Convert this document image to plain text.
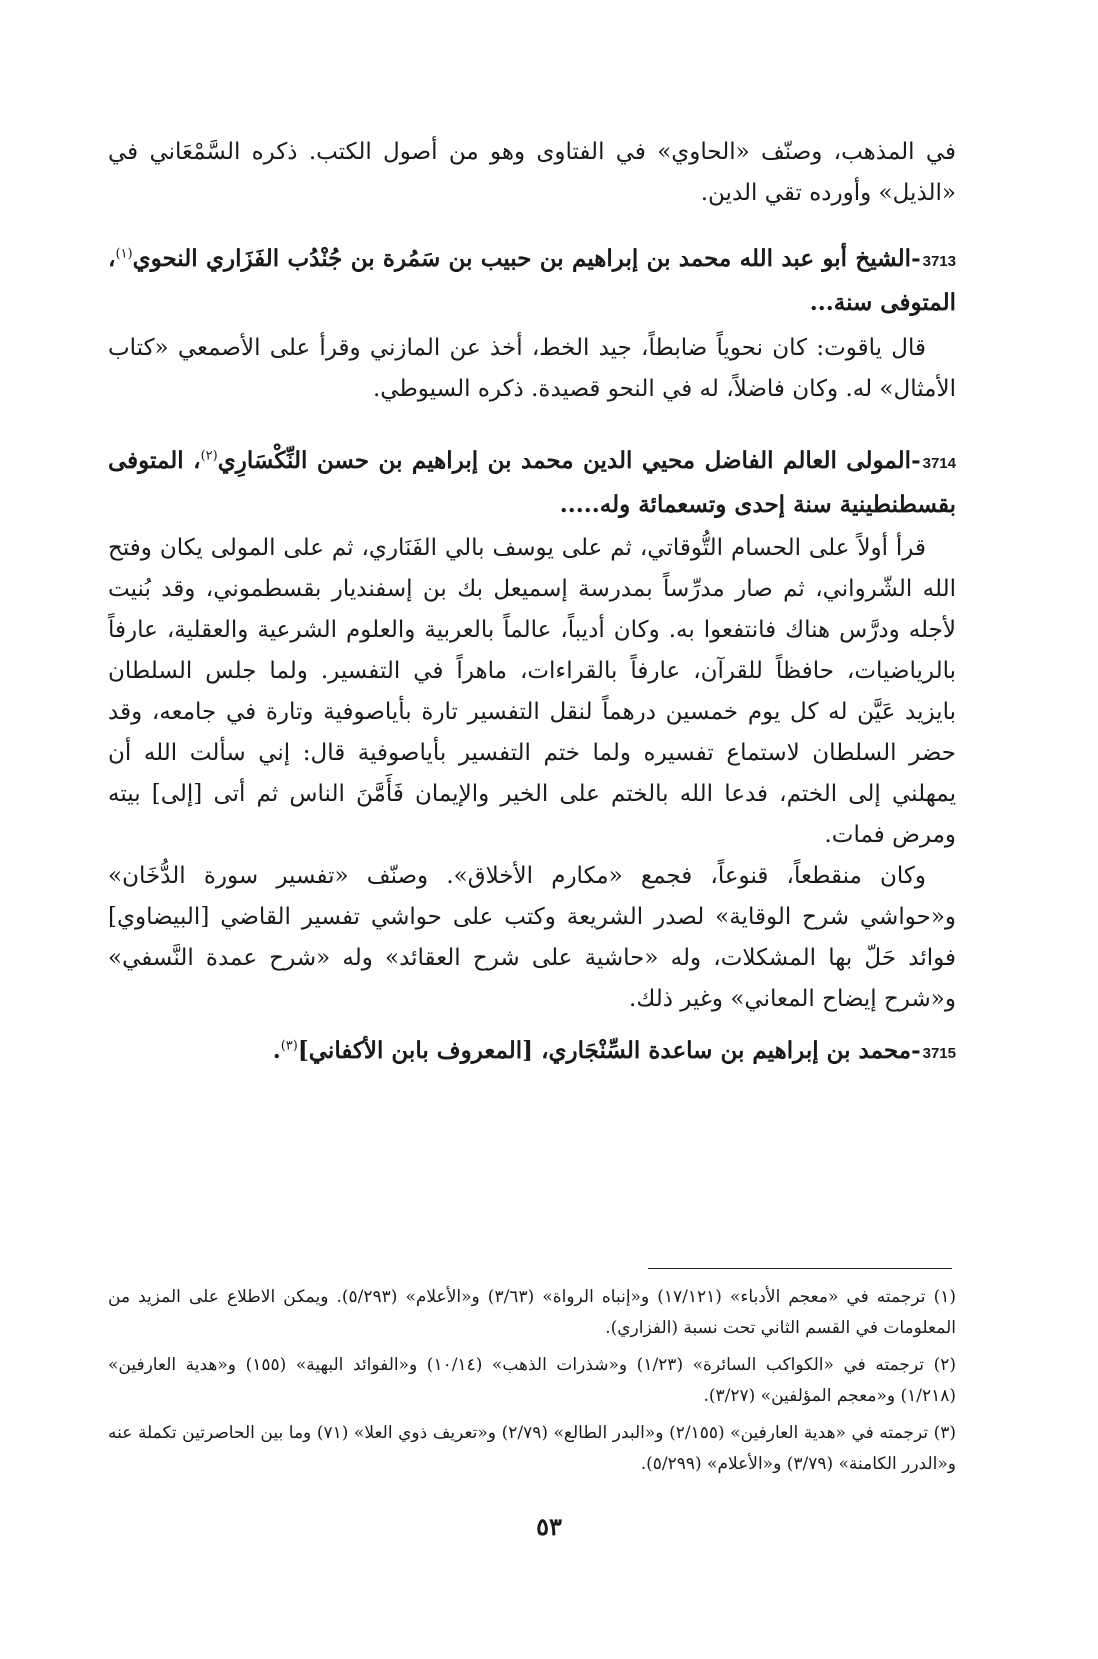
في المذهب، وصنّف «الحاوي» في الفتاوى وهو من أصول الكتب. ذكره السَّمْعَاني في «الذيل» وأورده تقي الدين.

3713-الشيخ أبو عبد الله محمد بن إبراهيم بن حبيب بن سَمُرة بن جُنْدُب الفَزَاري النحوي$^{(١)}$، المتوفى سنة...

قال ياقوت: كان نحوياً ضابطاً، جيد الخط، أخذ عن المازني وقرأ على الأصمعي «كتاب الأمثال» له. وكان فاضلاً، له في النحو قصيدة. ذكره السيوطي.

3714-المولى العالم الفاضل محيي الدين محمد بن إبراهيم بن حسن النِّكْسَارِي$^{(٢)}$، المتوفى بقسطنطينية سنة إحدى وتسعمائة وله.....

قرأ أولاً على الحسام التُّوقاتي، ثم على يوسف بالي الفَنَاري، ثم على المولى يكان وفتح الله الشّرواني، ثم صار مدرِّساً بمدرسة إسميعل بك بن إسفنديار بقسطموني، وقد بُنيت لأجله ودرَّس هناك فانتفعوا به. وكان أديباً، عالماً بالعربية والعلوم الشرعية والعقلية، عارفاً بالرياضيات، حافظاً للقرآن، عارفاً بالقراءات، ماهراً في التفسير. ولما جلس السلطان بايزيد عَيَّن له كل يوم خمسين درهماً لنقل التفسير تارة بأياصوفية وتارة في جامعه، وقد حضر السلطان لاستماع تفسيره ولما ختم التفسير بأياصوفية قال: إني سألت الله أن يمهلني إلى الختم، فدعا الله بالختم على الخير والإيمان فَأَمَّنَ الناس ثم أتى [إلى] بيته ومرض فمات.

وكان منقطعاً، قنوعاً، فجمع «مكارم الأخلاق». وصنّف «تفسير سورة الدُّخَان» و«حواشي شرح الوقاية» لصدر الشريعة وكتب على حواشي تفسير القاضي [البيضاوي] فوائد حَلّ بها المشكلات، وله «حاشية على شرح العقائد» وله «شرح عمدة النَّسفي» و«شرح إيضاح المعاني» وغير ذلك.

3715-محمد بن إبراهيم بن ساعدة السِّنْجَاري، [المعروف بابن الأكفاني]$^{(٣)}$.

(١) ترجمته في «معجم الأدباء» (١٧/١٢١) و«إنباه الرواة» (٣/٦٣) و«الأعلام» (٥/٢٩٣). ويمكن الاطلاع على المزيد من المعلومات في القسم الثاني تحت نسبة (الفزاري).

(٢) ترجمته في «الكواكب السائرة» (١/٢٣) و«شذرات الذهب» (١٠/١٤) و«الفوائد البهية» (١٥٥) و«هدية العارفين» (١/٢١٨) و«معجم المؤلفين» (٣/٢٧).

(٣) ترجمته في «هدية العارفين» (٢/١٥٥) و«البدر الطالع» (٢/٧٩) و«تعريف ذوي العلا» (٧١) وما بين الحاصرتين تكملة عنه و«الدرر الكامنة» (٣/٧٩) و«الأعلام» (٥/٢٩٩).

٥٣
